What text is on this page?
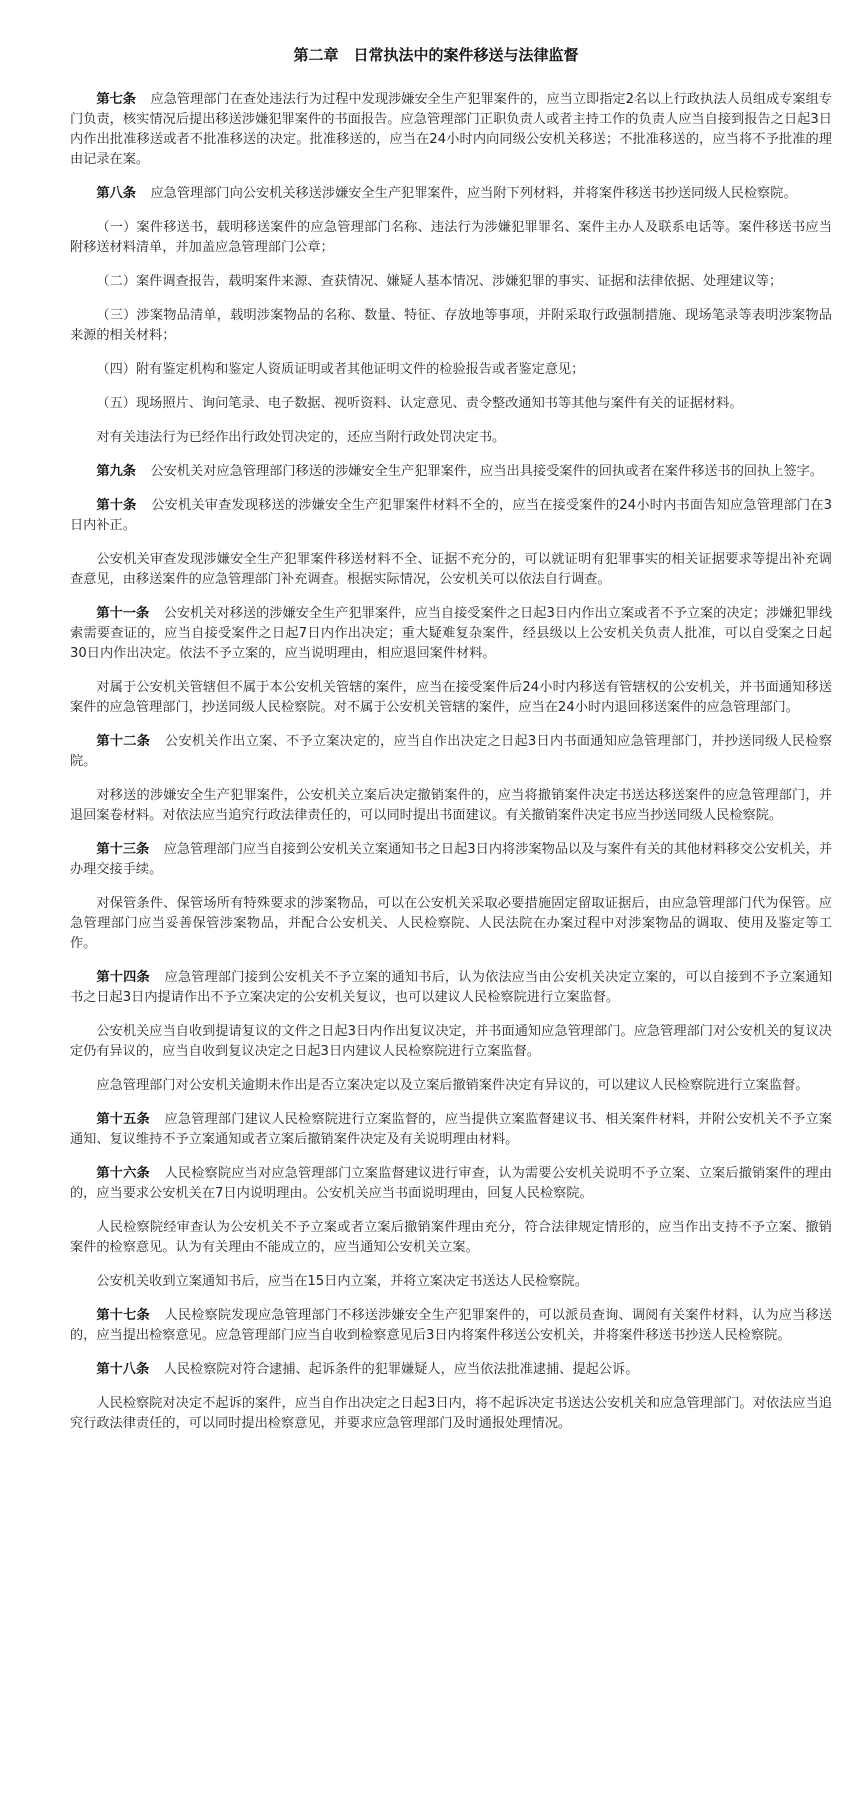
第二章　日常执法中的案件移送与法律监督
第七条 应急管理部门在查处违法行为过程中发现涉嫌安全生产犯罪案件的，应当立即指定2名以上行政执法人员组成专案组专门负责，核实情况后提出移送涉嫌犯罪案件的书面报告。应急管理部门正职负责人或者主持工作的负责人应当自接到报告之日起3日内作出批准移送或者不批准移送的决定。批准移送的，应当在24小时内向同级公安机关移送；不批准移送的，应当将不予批准的理由记录在案。
第八条 应急管理部门向公安机关移送涉嫌安全生产犯罪案件，应当附下列材料，并将案件移送书抄送同级人民检察院。
（一）案件移送书，载明移送案件的应急管理部门名称、违法行为涉嫌犯罪罪名、案件主办人及联系电话等。案件移送书应当附移送材料清单，并加盖应急管理部门公章；
（二）案件调查报告，载明案件来源、查获情况、嫌疑人基本情况、涉嫌犯罪的事实、证据和法律依据、处理建议等；
（三）涉案物品清单，载明涉案物品的名称、数量、特征、存放地等事项，并附采取行政强制措施、现场笔录等表明涉案物品来源的相关材料；
（四）附有鉴定机构和鉴定人资质证明或者其他证明文件的检验报告或者鉴定意见；
（五）现场照片、询问笔录、电子数据、视听资料、认定意见、责令整改通知书等其他与案件有关的证据材料。
对有关违法行为已经作出行政处罚决定的，还应当附行政处罚决定书。
第九条 公安机关对应急管理部门移送的涉嫌安全生产犯罪案件，应当出具接受案件的回执或者在案件移送书的回执上签字。
第十条 公安机关审查发现移送的涉嫌安全生产犯罪案件材料不全的，应当在接受案件的24小时内书面告知应急管理部门在3日内补正。
公安机关审查发现涉嫌安全生产犯罪案件移送材料不全、证据不充分的，可以就证明有犯罪事实的相关证据要求等提出补充调查意见，由移送案件的应急管理部门补充调查。根据实际情况，公安机关可以依法自行调查。
第十一条 公安机关对移送的涉嫌安全生产犯罪案件，应当自接受案件之日起3日内作出立案或者不予立案的决定；涉嫌犯罪线索需要查证的，应当自接受案件之日起7日内作出决定；重大疑难复杂案件，经县级以上公安机关负责人批准，可以自受案之日起30日内作出决定。依法不予立案的，应当说明理由，相应退回案件材料。
对属于公安机关管辖但不属于本公安机关管辖的案件，应当在接受案件后24小时内移送有管辖权的公安机关，并书面通知移送案件的应急管理部门，抄送同级人民检察院。对不属于公安机关管辖的案件，应当在24小时内退回移送案件的应急管理部门。
第十二条 公安机关作出立案、不予立案决定的，应当自作出决定之日起3日内书面通知应急管理部门，并抄送同级人民检察院。
对移送的涉嫌安全生产犯罪案件，公安机关立案后决定撤销案件的，应当将撤销案件决定书送达移送案件的应急管理部门，并退回案卷材料。对依法应当追究行政法律责任的，可以同时提出书面建议。有关撤销案件决定书应当抄送同级人民检察院。
第十三条 应急管理部门应当自接到公安机关立案通知书之日起3日内将涉案物品以及与案件有关的其他材料移交公安机关，并办理交接手续。
对保管条件、保管场所有特殊要求的涉案物品，可以在公安机关采取必要措施固定留取证据后，由应急管理部门代为保管。应急管理部门应当妥善保管涉案物品，并配合公安机关、人民检察院、人民法院在办案过程中对涉案物品的调取、使用及鉴定等工作。
第十四条 应急管理部门接到公安机关不予立案的通知书后，认为依法应当由公安机关决定立案的，可以自接到不予立案通知书之日起3日内提请作出不予立案决定的公安机关复议，也可以建议人民检察院进行立案监督。
公安机关应当自收到提请复议的文件之日起3日内作出复议决定，并书面通知应急管理部门。应急管理部门对公安机关的复议决定仍有异议的，应当自收到复议决定之日起3日内建议人民检察院进行立案监督。
应急管理部门对公安机关逾期未作出是否立案决定以及立案后撤销案件决定有异议的，可以建议人民检察院进行立案监督。
第十五条 应急管理部门建议人民检察院进行立案监督的，应当提供立案监督建议书、相关案件材料，并附公安机关不予立案通知、复议维持不予立案通知或者立案后撤销案件决定及有关说明理由材料。
第十六条 人民检察院应当对应急管理部门立案监督建议进行审查，认为需要公安机关说明不予立案、立案后撤销案件的理由的，应当要求公安机关在7日内说明理由。公安机关应当书面说明理由，回复人民检察院。
人民检察院经审查认为公安机关不予立案或者立案后撤销案件理由充分，符合法律规定情形的，应当作出支持不予立案、撤销案件的检察意见。认为有关理由不能成立的，应当通知公安机关立案。
公安机关收到立案通知书后，应当在15日内立案，并将立案决定书送达人民检察院。
第十七条 人民检察院发现应急管理部门不移送涉嫌安全生产犯罪案件的，可以派员查询、调阅有关案件材料，认为应当移送的，应当提出检察意见。应急管理部门应当自收到检察意见后3日内将案件移送公安机关，并将案件移送书抄送人民检察院。
第十八条 人民检察院对符合逮捕、起诉条件的犯罪嫌疑人，应当依法批准逮捕、提起公诉。
人民检察院对决定不起诉的案件，应当自作出决定之日起3日内，将不起诉决定书送达公安机关和应急管理部门。对依法应当追究行政法律责任的，可以同时提出检察意见，并要求应急管理部门及时通报处理情况。
